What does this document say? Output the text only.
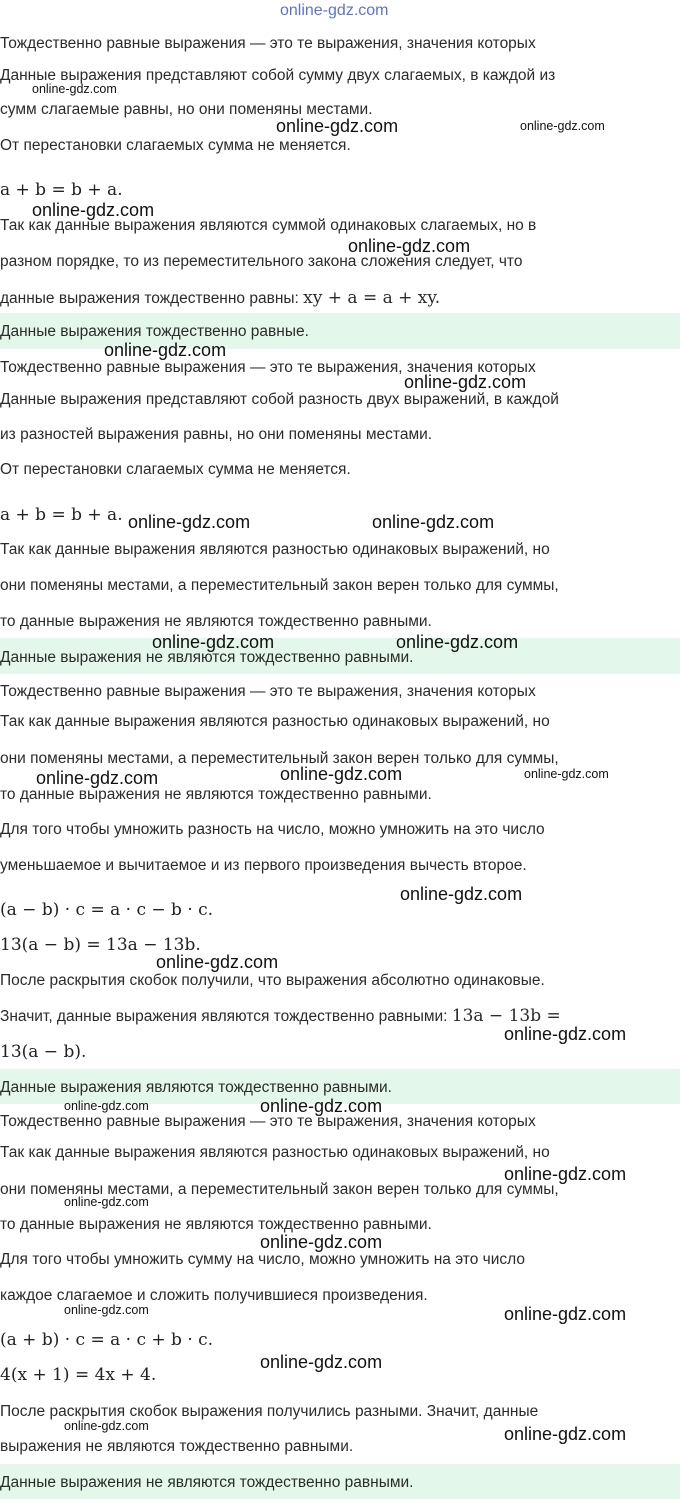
online-gdz.com
Тождественно равные выражения — это те выражения, значения которых
Данные выражения представляют собой сумму двух слагаемых, в каждой из
сумм слагаемые равны, но они поменяны местами.
От перестановки слагаемых сумма не меняется.
a + b = b + a.
Так как данные выражения являются суммой одинаковых слагаемых, но в
разном порядке, то из переместительного закона сложения следует, что
данные выражения тождественно равны: xy + a = a + xy.
Данные выражения тождественно равные.
Тождественно равные выражения — это те выражения, значения которых
Данные выражения представляют собой разность двух выражений, в каждой
из разностей выражения равны, но они поменяны местами.
От перестановки слагаемых сумма не меняется.
a + b = b + a.
Так как данные выражения являются разностью одинаковых выражений, но
они поменяны местами, а переместительный закон верен только для суммы,
то данные выражения не являются тождественно равными.
Данные выражения не являются тождественно равными.
Тождественно равные выражения — это те выражения, значения которых
Так как данные выражения являются разностью одинаковых выражений, но
они поменяны местами, а переместительный закон верен только для суммы,
то данные выражения не являются тождественно равными.
Для того чтобы умножить разность на число, можно умножить на это число
уменьшаемое и вычитаемое и из первого произведения вычесть второе.
(a − b) · c = a · c − b · c.
13(a − b) = 13a − 13b.
После раскрытия скобок получили, что выражения абсолютно одинаковые.
Значит, данные выражения являются тождественно равными: 13a − 13b =
13(a − b).
Данные выражения являются тождественно равными.
Тождественно равные выражения — это те выражения, значения которых
Так как данные выражения являются разностью одинаковых выражений, но
они поменяны местами, а переместительный закон верен только для суммы,
то данные выражения не являются тождественно равными.
Для того чтобы умножить сумму на число, можно умножить на это число
каждое слагаемое и сложить получившиеся произведения.
(a + b) · c = a · c + b · c.
4(x + 1) = 4x + 4.
После раскрытия скобок выражения получились разными. Значит, данные
выражения не являются тождественно равными.
Данные выражения не являются тождественно равными.
online-gdz.com
online-gdz.com	online-gdz.com
online-gdz.com
online-gdz.com
online-gdz.com
online-gdz.com
online-gdz.com	online-gdz.com
online-gdz.com	online-gdz.com
online-gdz.com	online-gdz.com	online-gdz.com
online-gdz.com
online-gdz.com
online-gdz.com
online-gdz.com	online-gdz.com
online-gdz.com
online-gdz.com
online-gdz.com
online-gdz.com	online-gdz.com
online-gdz.com
online-gdz.com	online-gdz.com
